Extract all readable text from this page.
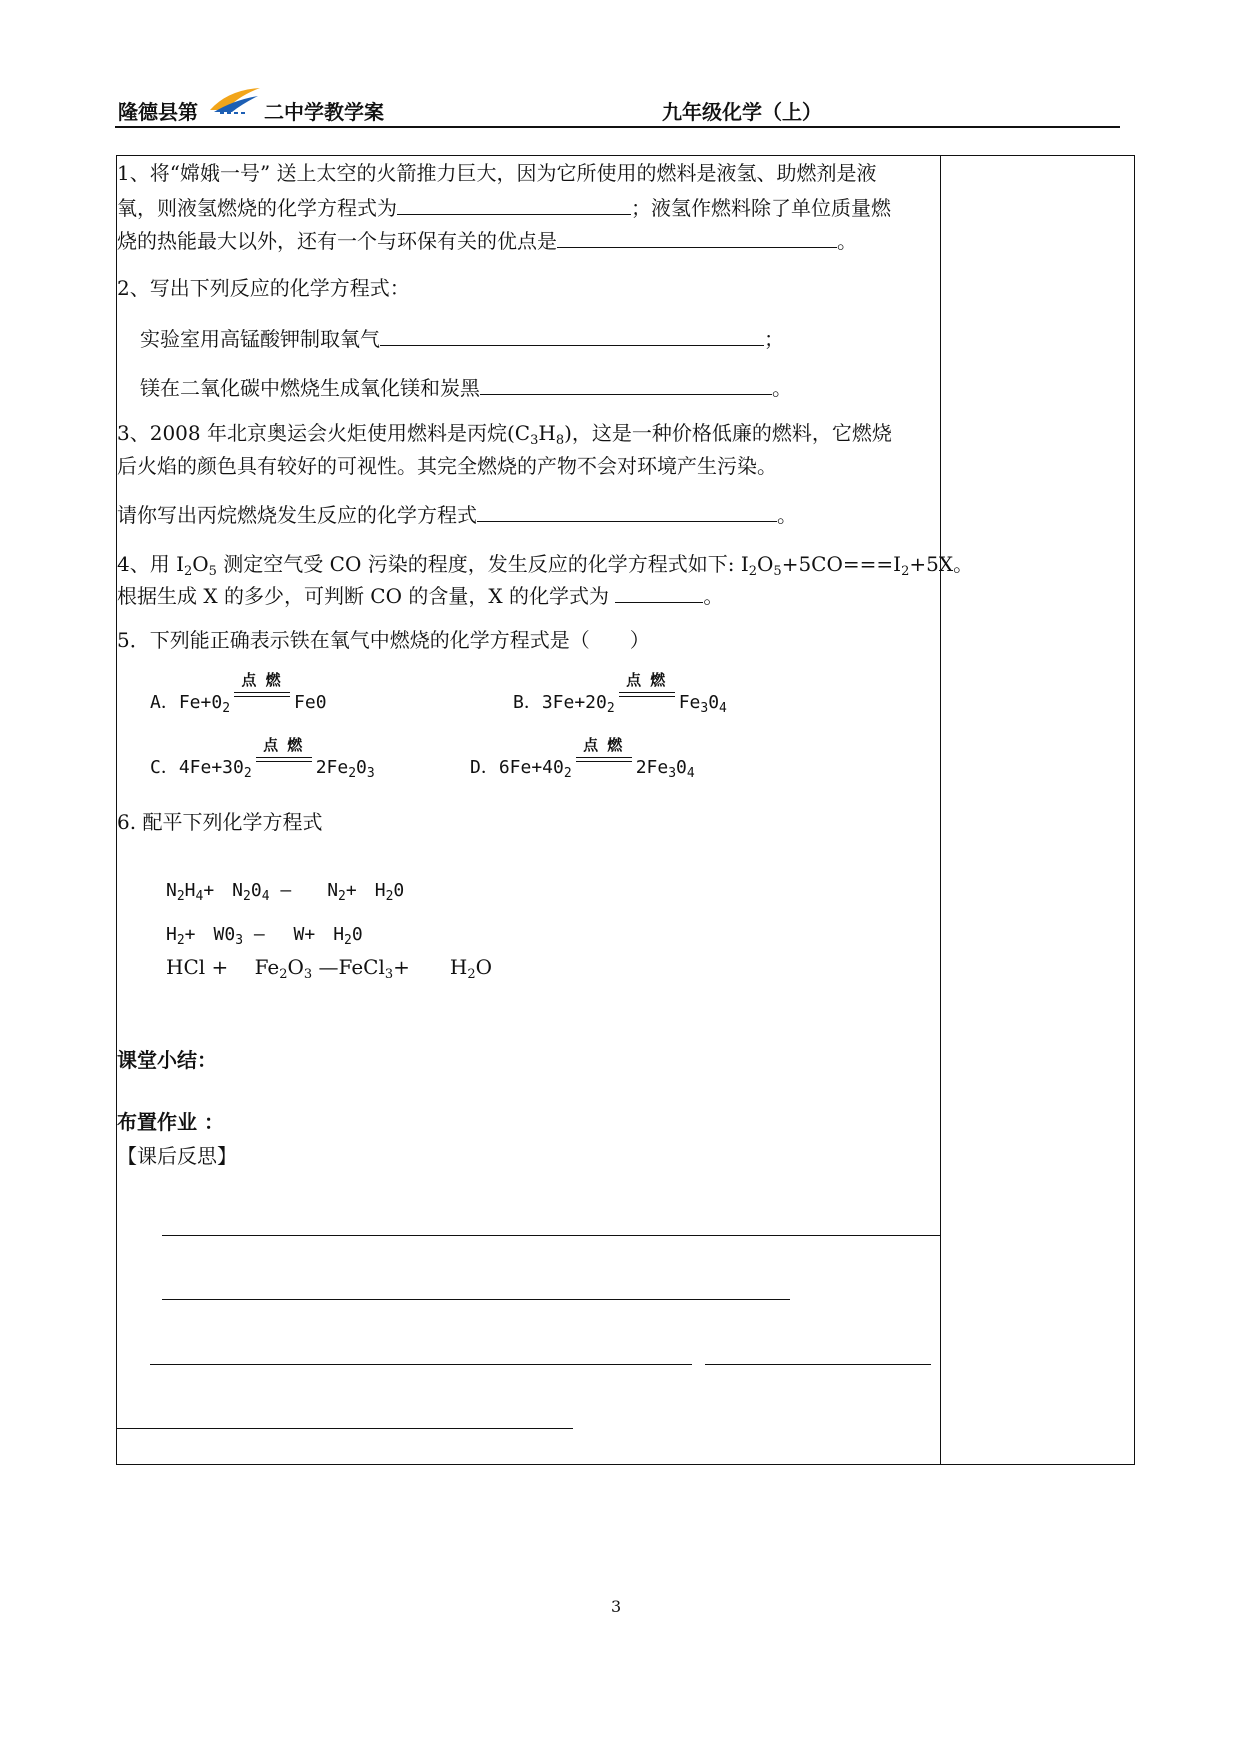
隆德县第	二中学教学案	九年级化学（上）
1、将“嫦娥一号” 送上太空的火箭推力巨大，因为它所使用的燃料是液氢、助燃剂是液
氧，则液氢燃烧的化学方程式为	；液氢作燃料除了单位质量燃
烧的热能最大以外，还有一个与环保有关的优点是	。
2、写出下列反应的化学方程式：
实验室用高锰酸钾制取氧气	；
镁在二氧化碳中燃烧生成氧化镁和炭黑	。
3、2008 年北京奥运会火炬使用燃料是丙烷$(C_3H_8)$，这是一种价格低廉的燃料，它燃烧
后火焰的颜色具有较好的可视性。其完全燃烧的产物不会对环境产生污染。
请你写出丙烷燃烧发生反应的化学方程式	。
4、用 $I_2O_5$ 测定空气受 CO 污染的程度，发生反应的化学方程式如下: $I_2O_5+5CO===I_2+5X$。
根据生成 X 的多少，可判断 CO 的含量，X 的化学式为	。
5．下列能正确表示铁在氧气中燃烧的化学方程式是（　　）
A．$Fe+0_2$
点 燃
Fe0	B．$3Fe+20_2$
点 燃
$Fe_30_4$
C．$4Fe+30_2$
点 燃
$2Fe_20_3$	D．$6Fe+40_2$
点 燃
$2Fe_30_4$
6. 配平下列化学方程式
$N_2H_4+$　$N_20_4$ —　　$N_2+$　$H_20$
$H_2+$　$W0_3$ —　 W+　$H_20$
HCl +　 $Fe_2O_3$ —FeCl$_3$+　　$H_2O$
课堂小结：
布置作业 ：
【课后反思】
3
